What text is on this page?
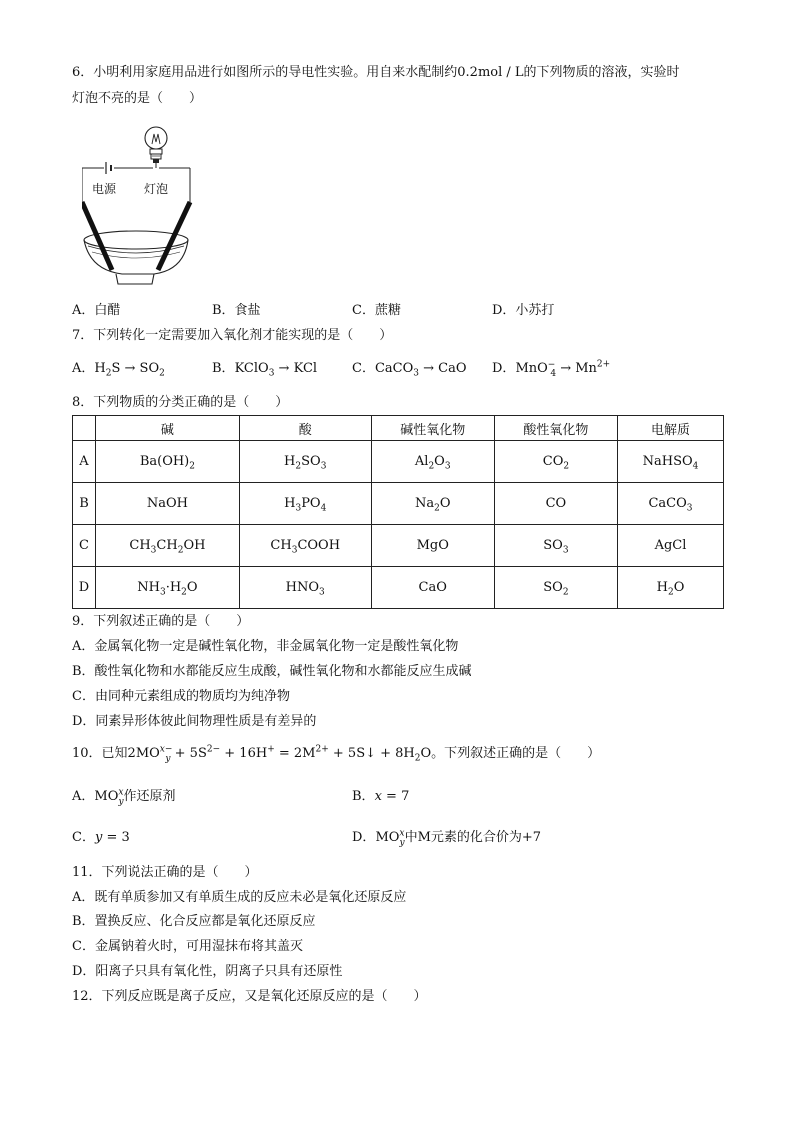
6．小明利用家庭用品进行如图所示的导电性实验。用自来水配制约0.2mol / L的下列物质的溶液，实验时
灯泡不亮的是（　　）
电源 灯泡
A．白醋	B．食盐	C．蔗糖	D．小苏打
7．下列转化一定需要加入氧化剂才能实现的是（　　）
A．$H_2S \to SO_2$	B．KClO$_3$ → KCl	C．CaCO$_3$ → CaO D．$MnO^-_4 \to Mn^{2+}$
8．下列物质的分类正确的是（　　）
	碱	酸	碱性氧化物	酸性氧化物	电解质
A	$Ba(OH)_2$	$H_2SO_3$	$Al_2O_3$	$CO_2$	NaHSO$_4$
B	NaOH	$H_3PO_4$	$Na_2O$	CO	CaCO$_3$
C	$CH_3CH_2OH$	$CH_3COOH$	MgO	$SO_3$	AgCl
D	$NH_3\cdot H_2O$	$HNO_3$	CaO	$SO_2$	$H_2O$
9．下列叙述正确的是（　　）
A．金属氧化物一定是碱性氧化物，非金属氧化物一定是酸性氧化物
B．酸性氧化物和水都能反应生成酸，碱性氧化物和水都能反应生成碱
C．由同种元素组成的物质均为纯净物
D．同素异形体彼此间物理性质是有差异的
10．已知$2MO^{x-}_y + 5S^{2-} + 16H^+ = 2M^{2+}$ + 5S↓ + $8H_2O$。下列叙述正确的是（　　）
A．$MO^x_y$作还原剂	B．x = 7
C．y = 3	D．$MO^x_y$中M元素的化合价为+7
11．下列说法正确的是（　　）
A．既有单质参加又有单质生成的反应未必是氧化还原反应
B．置换反应、化合反应都是氧化还原反应
C．金属钠着火时，可用湿抹布将其盖灭
D．阳离子只具有氧化性，阴离子只具有还原性
12．下列反应既是离子反应，又是氧化还原反应的是（　　）
